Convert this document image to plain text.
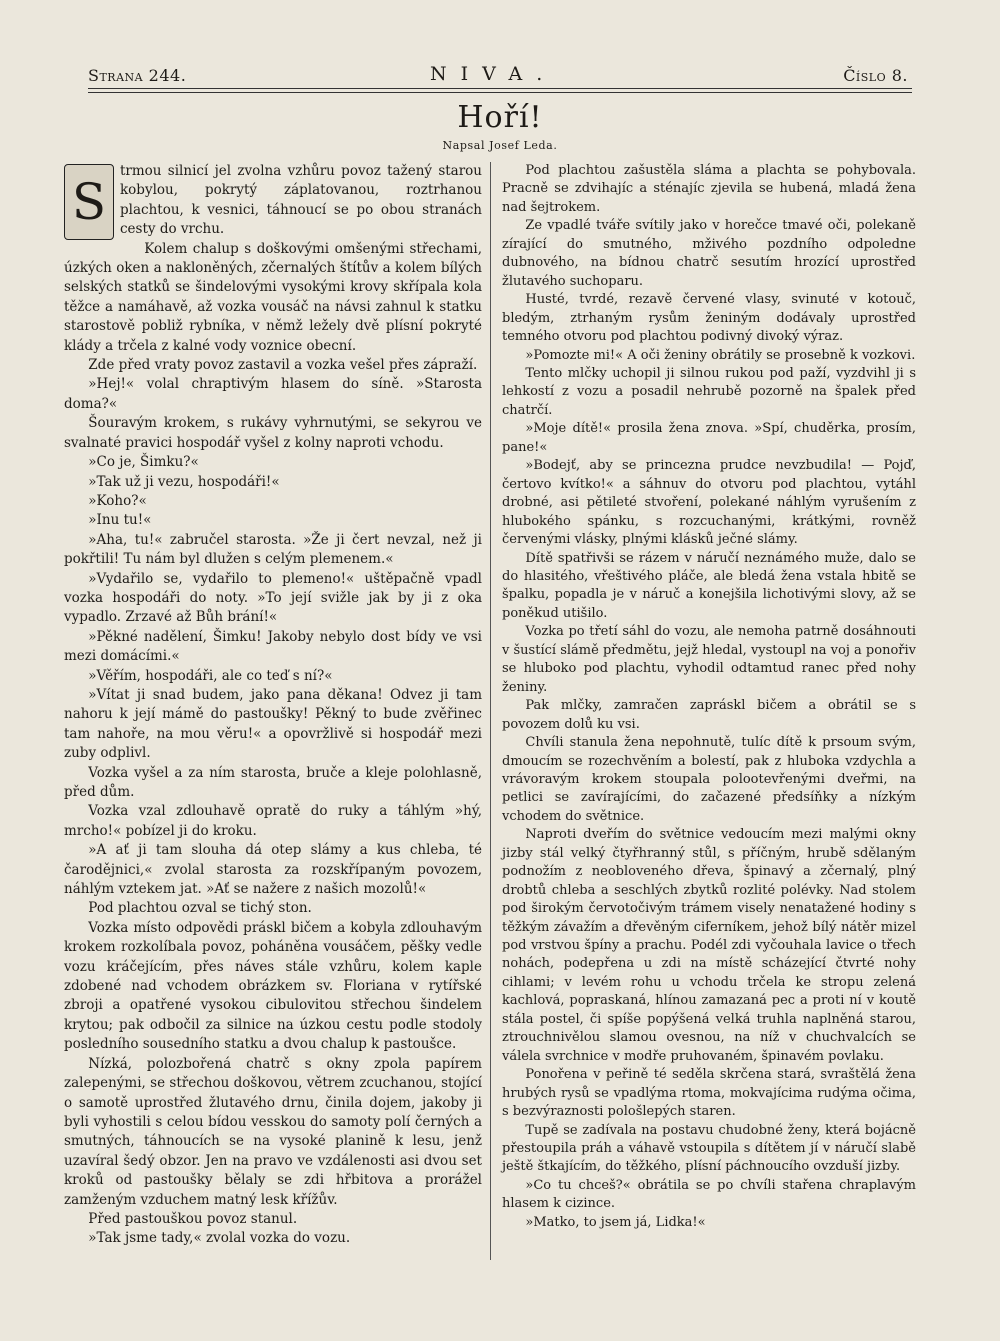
Strana 244.	NIVA.	Číslo 8.
Hoří!
Napsal Josef Leda.

S
trmou silnicí jel zvolna vzhůru povoz tažený starou kobylou, pokrytý záplatovanou, roztrhanou plachtou, k vesnici, táhnoucí se po obou stranách cesty do vrchu.

Kolem chalup s doškovými omšenými střechami, úzkých oken a nakloněných, zčernalých štítův a kolem bílých selských statků se šindelovými vysokými krovy skřípala kola těžce a namáhavě, až vozka vousáč na návsi zahnul k statku starostově pobliž rybníka, v němž ležely dvě plísní pokryté klády a trčela z kalné vody voznice obecní.

Zde před vraty povoz zastavil a vozka vešel přes zápraží.

»Hej!« volal chraptivým hlasem do síně. »Starosta doma?«

Šouravým krokem, s rukávy vyhrnutými, se sekyrou ve svalnaté pravici hospodář vyšel z kolny naproti vchodu.

»Co je, Šimku?«

»Tak už ji vezu, hospodáři!«

»Koho?«

»Inu tu!«

»Aha, tu!« zabručel starosta. »Že ji čert nevzal, než ji pokřtili! Tu nám byl dlužen s celým plemenem.«

»Vydařilo se, vydařilo to plemeno!« uštěpačně vpadl vozka hospodáři do noty. »To její svižle jak by ji z oka vypadlo. Zrzavé až Bůh brání!«

»Pěkné nadělení, Šimku! Jakoby nebylo dost bídy ve vsi mezi domácími.«

»Věřím, hospodáři, ale co teď s ní?«

»Vítat ji snad budem, jako pana děkana! Odvez ji tam nahoru k její mámě do pastoušky! Pěkný to bude zvěřinec tam nahoře, na mou věru!« a opovržlivě si hospodář mezi zuby odplivl.

Vozka vyšel a za ním starosta, bruče a kleje polohlasně, před dům.

Vozka vzal zdlouhavě opratě do ruky a táhlým »hý, mrcho!« pobízel ji do kroku.

»A ať ji tam slouha dá otep slámy a kus chleba, té čarodějnici,« zvolal starosta za rozskřípaným povozem, náhlým vztekem jat. »Ať se nažere z našich mozolů!«

Pod plachtou ozval se tichý ston.

Vozka místo odpovědi práskl bičem a kobyla zdlouhavým krokem rozkolíbala povoz, poháněna vousáčem, pěšky vedle vozu kráčejícím, přes náves stále vzhůru, kolem kaple zdobené nad vchodem obrázkem sv. Floriana v rytířské zbroji a opatřené vysokou cibulovitou střechou šindelem krytou; pak odbočil za silnice na úzkou cestu podle stodoly posledního sousedního statku a dvou chalup k pastoušce.

Nízká, polozbořená chatrč s okny zpola papírem zalepenými, se střechou doškovou, větrem zcuchanou, stojící o samotě uprostřed žlutavého drnu, činila dojem, jakoby ji byli vyhostili s celou bídou vesskou do samoty polí černých a smutných, táhnoucích se na vysoké planině k lesu, jenž uzavíral šedý obzor. Jen na pravo ve vzdálenosti asi dvou set kroků od pastoušky bělaly se zdi hřbitova a prorážel zamženým vzduchem matný lesk křížův.

Před pastouškou povoz stanul.

»Tak jsme tady,« zvolal vozka do vozu.

Pod plachtou zašustěla sláma a plachta se pohybovala. Pracně se zdvihajíc a sténajíc zjevila se hubená, mladá žena nad šejtrokem.

Ze vpadlé tváře svítily jako v horečce tmavé oči, polekaně zírající do smutného, mživého pozdního odpoledne dubnového, na bídnou chatrč sesutím hrozící uprostřed žlutavého suchoparu.

Husté, tvrdé, rezavě červené vlasy, svinuté v kotouč, bledým, ztrhaným rysům ženiným dodávaly uprostřed temného otvoru pod plachtou podivný divoký výraz.

»Pomozte mi!« A oči ženiny obrátily se prosebně k vozkovi.

Tento mlčky uchopil ji silnou rukou pod paží, vyzdvihl ji s lehkostí z vozu a posadil nehrubě pozorně na špalek před chatrčí.

»Moje dítě!« prosila žena znova. »Spí, chuděrka, prosím, pane!«

»Bodejť, aby se princezna prudce nevzbudila! — Pojď, čertovo kvítko!« a sáhnuv do otvoru pod plachtou, vytáhl drobné, asi pětileté stvoření, polekané náhlým vyrušením z hlubokého spánku, s rozcuchanými, krátkými, rovněž červenými vlásky, plnými klásků ječné slámy.

Dítě spatřivši se rázem v náručí neznámého muže, dalo se do hlasitého, vřeštivého pláče, ale bledá žena vstala hbitě se špalku, popadla je v náruč a konejšila lichotivými slovy, až se poněkud utišilo.

Vozka po třetí sáhl do vozu, ale nemoha patrně dosáhnouti v šustící slámě předmětu, jejž hledal, vystoupl na voj a ponořiv se hluboko pod plachtu, vyhodil odtamtud ranec před nohy ženiny.

Pak mlčky, zamračen zapráskl bičem a obrátil se s povozem dolů ku vsi.

Chvíli stanula žena nepohnutě, tulíc dítě k prsoum svým, dmoucím se rozechvěním a bolestí, pak z hluboka vzdychla a vrávoravým krokem stoupala polootevřenými dveřmi, na petlici se zavírajícími, do začazené předsíňky a nízkým vchodem do světnice.

Naproti dveřím do světnice vedoucím mezi malými okny jizby stál velký čtyřhranný stůl, s příčným, hrubě sdělaným podnožím z neobloveného dřeva, špinavý a zčernalý, plný drobtů chleba a seschlých zbytků rozlité polévky. Nad stolem pod širokým červotočivým trámem visely nenatažené hodiny s těžkým závažím a dřevěným ciferníkem, jehož bílý nátěr mizel pod vrstvou špíny a prachu. Podél zdi vyčouhala lavice o třech nohách, podepřena u zdi na místě scházející čtvrté nohy cihlami; v levém rohu u vchodu trčela ke stropu zelená kachlová, popraskaná, hlínou zamazaná pec a proti ní v koutě stála postel, či spíše popýšená velká truhla naplněná starou, ztrouchnivělou slamou ovesnou, na níž v chuchvalcích se válela svrchnice v modře pruhovaném, špinavém povlaku.

Ponořena v peřině té seděla skrčena stará, svraštělá žena hrubých rysů se vpadlýma rtoma, mokvajícima rudýma očima, s bezvýraznosti pološlepých staren.

Tupě se zadívala na postavu chudobné ženy, která bojácně přestoupila práh a váhavě vstoupila s dítětem jí v náručí slabě ještě štkajícím, do těžkého, plísní páchnoucího ovzduší jizby.

»Co tu chceš?« obrátila se po chvíli stařena chraplavým hlasem k cizince.

»Matko, to jsem já, Lidka!«
